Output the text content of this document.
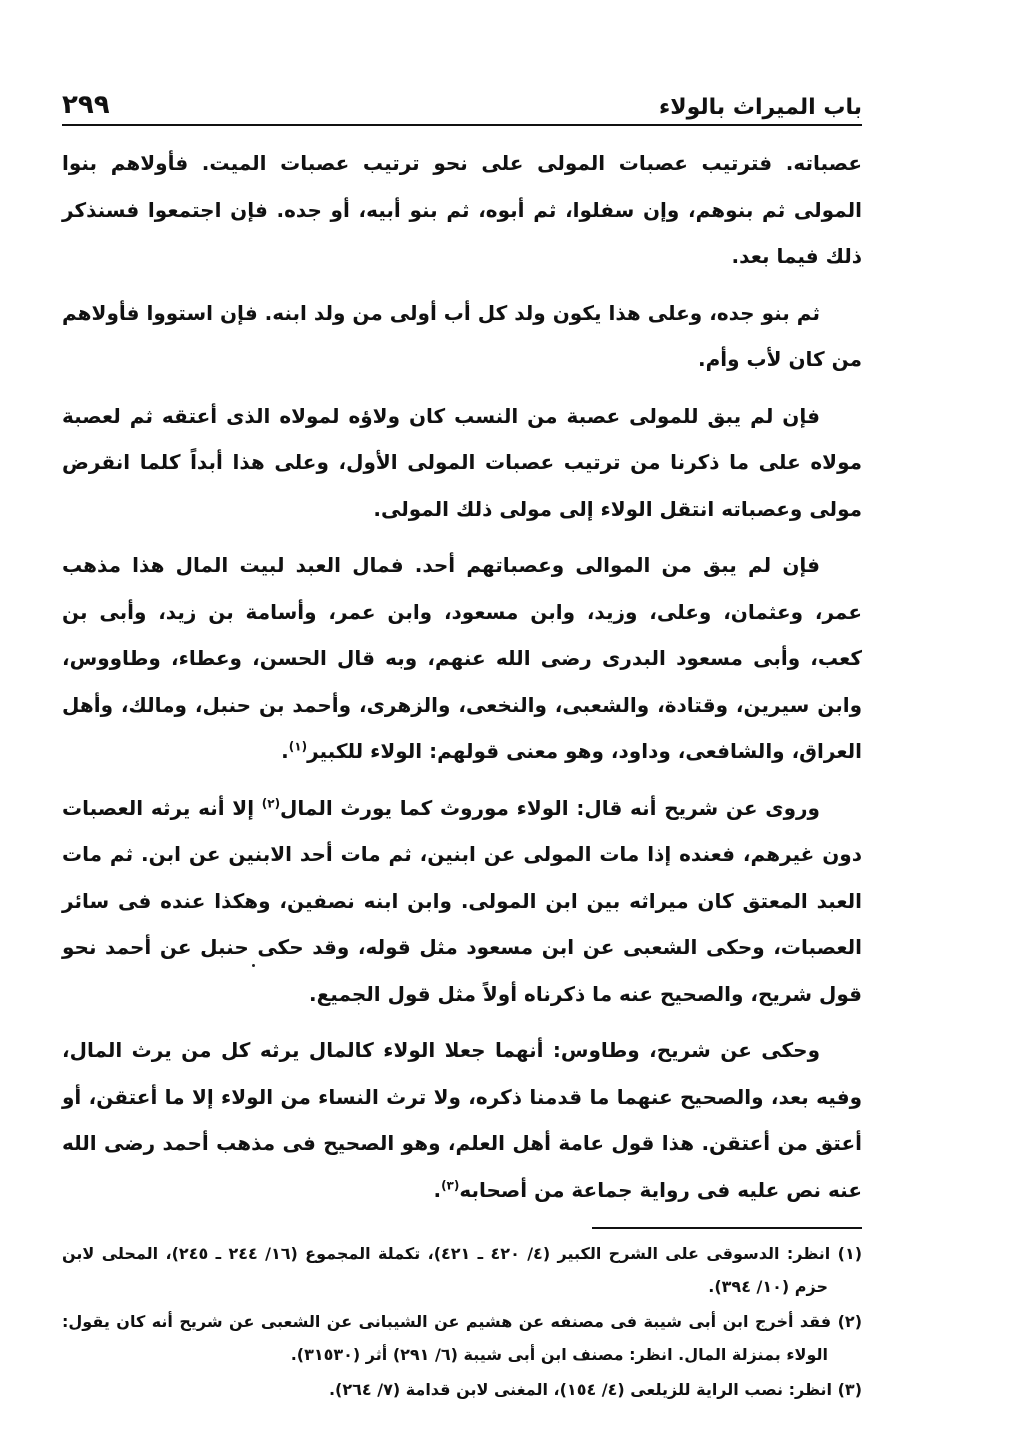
باب الميراث بالولاء
٢٩٩

عصباته. فترتيب عصبات المولى على نحو ترتيب عصبات الميت. فأولاهم بنوا المولى ثم بنوهم، وإن سفلوا، ثم أبوه، ثم بنو أبيه، أو جده. فإن اجتمعوا فسنذكر ذلك فيما بعد.

ثم بنو جده، وعلى هذا يكون ولد كل أب أولى من ولد ابنه. فإن استووا فأولاهم من كان لأب وأم.

فإن لم يبق للمولى عصبة من النسب كان ولاؤه لمولاه الذى أعتقه ثم لعصبة مولاه على ما ذكرنا من ترتيب عصبات المولى الأول، وعلى هذا أبداً كلما انقرض مولى وعصباته انتقل الولاء إلى مولى ذلك المولى.

فإن لم يبق من الموالى وعصباتهم أحد. فمال العبد لبيت المال هذا مذهب عمر، وعثمان، وعلى، وزيد، وابن مسعود، وابن عمر، وأسامة بن زيد، وأبى بن كعب، وأبى مسعود البدرى رضى الله عنهم، وبه قال الحسن، وعطاء، وطاووس، وابن سيرين، وقتادة، والشعبى، والنخعى، والزهرى، وأحمد بن حنبل، ومالك، وأهل العراق، والشافعى، وداود، وهو معنى قولهم: الولاء للكبير$^{(١)}$.

وروى عن شريح أنه قال: الولاء موروث كما يورث المال$^{(٢)}$ إلا أنه يرثه العصبات دون غيرهم، فعنده إذا مات المولى عن ابنين، ثم مات أحد الابنين عن ابن. ثم مات العبد المعتق كان ميراثه بين ابن المولى. وابن ابنه نصفين، وهكذا عنده فى سائر العصبات، وحكى الشعبى عن ابن مسعود مثل قوله، وقد حكى حنبل عن أحمد نحو قول شريح، والصحيح عنه ما ذكرناه أولاً مثل قول الجميع.

وحكى عن شريح، وطاوس: أنهما جعلا الولاء كالمال يرثه كل من يرث المال، وفيه بعد، والصحيح عنهما ما قدمنا ذكره، ولا ترث النساء من الولاء إلا ما أعتقن، أو أعتق من أعتقن. هذا قول عامة أهل العلم، وهو الصحيح فى مذهب أحمد رضى الله عنه نص عليه فى رواية جماعة من أصحابه$^{(٣)}$.

(١) انظر: الدسوقى على الشرح الكبير (٤/ ٤٢٠ ـ ٤٢١)، تكملة المجموع (١٦/ ٢٤٤ ـ ٢٤٥)، المحلى لابن حزم (١٠/ ٣٩٤).

(٢) فقد أخرج ابن أبى شيبة فى مصنفه عن هشيم عن الشيبانى عن الشعبى عن شريح أنه كان يقول: الولاء بمنزلة المال. انظر: مصنف ابن أبى شيبة (٦/ ٢٩١) أثر (٣١٥٣٠).

(٣) انظر: نصب الراية للزيلعى (٤/ ١٥٤)، المغنى لابن قدامة (٧/ ٢٦٤).
